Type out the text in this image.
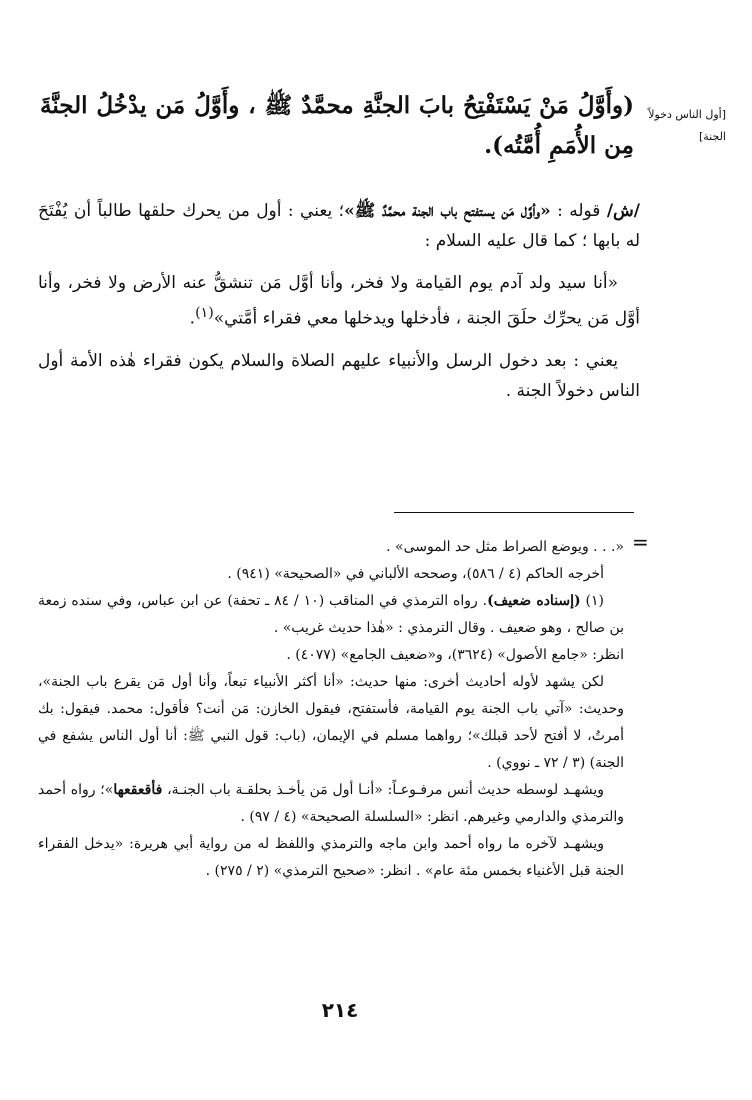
[أول الناس دخولاً
الجنة]
(وأَوَّلُ مَنْ يَسْتَفْتِحُ بابَ الجنَّةِ محمَّدٌ ﷺ ، وأَوَّلُ مَن يدْخُلُ الجنَّةَ مِن الأُمَمِ أُمَّتُه).

/ش/ قوله : «وأوَّل مَن يستفتح باب الجنة محمَّدٌ ﷺ»؛ يعني : أول من يحرك حلقها طالباً أن يُفْتَحَ له بابها ؛ كما قال عليه السلام :

«أنا سيد ولد آدم يوم القيامة ولا فخر، وأنا أوَّل مَن تنشقُّ عنه الأرض ولا فخر، وأنا أوَّل مَن يحرِّك حلَقَ الجنة ، فأدخلها ويدخلها معي فقراء أمَّتي»$^{(١)}$.

يعني : بعد دخول الرسل والأنبياء عليهم الصلاة والسلام يكون فقراء هٰذه الأمة أول الناس دخولاً الجنة .

=

«. . . ويوضع الصراط مثل حد الموسى» .

أخرجه الحاكم (٤ / ٥٨٦)، وصححه الألباني في «الصحيحة» (٩٤١) .

(١) (إسناده ضعيف). رواه الترمذي في المناقب (١٠ / ٨٤ ـ تحفة) عن ابن عباس، وفي سنده زمعة بن صالح ، وهو ضعيف . وقال الترمذي : «هٰذا حديث غريب» .

انظر: «جامع الأصول» (٣٦٢٤)، و«ضعيف الجامع» (٤٠٧٧) .

لكن يشهد لأوله أحاديث أخرى: منها حديث: «أنا أكثر الأنبياء تبعاً، وأنا أول مَن يقرع باب الجنة»، وحديث: «آتي باب الجنة يوم القيامة، فأستفتح، فيقول الخازن: مَن أنت؟ فأقول: محمد. فيقول: بك أمرتُ، لا أفتح لأحد قبلك»؛ رواهما مسلم في الإيمان، (باب: قول النبي ﷺ: أنا أول الناس يشفع في الجنة) (٣ / ٧٢ ـ نووي) .

ويشهـد لوسطه حديث أنس مرفـوعـاً: «أنـا أول مَن يأخـذ بحلقـة باب الجنـة، فأقعقعها»؛ رواه أحمد والترمذي والدارمي وغيرهم. انظر: «السلسلة الصحيحة» (٤ / ٩٧) .

ويشهـد لآخره ما رواه أحمد وابن ماجه والترمذي واللفظ له من رواية أبي هريرة: «يدخل الفقراء الجنة قبل الأغنياء بخمس مئة عام» . انظر: «صحيح الترمذي» (٢ / ٢٧٥) .

٢١٤
